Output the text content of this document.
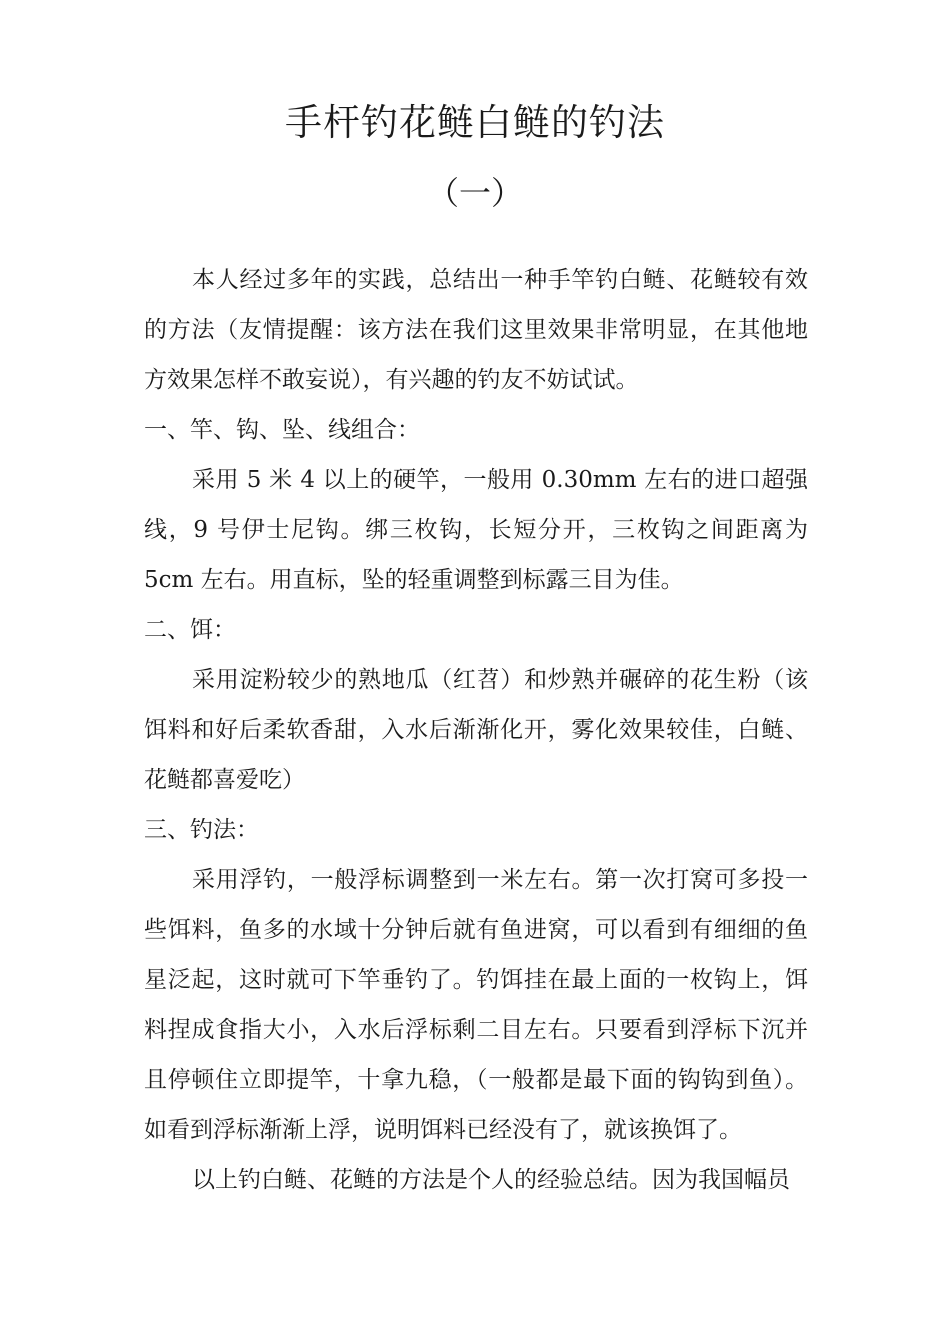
手杆钓花鲢白鲢的钓法
（一）

本人经过多年的实践，总结出一种手竿钓白鲢、花鲢较有效的方法（友情提醒：该方法在我们这里效果非常明显，在其他地方效果怎样不敢妄说），有兴趣的钓友不妨试试。

一、竿、钩、坠、线组合：

采用 5 米 4 以上的硬竿，一般用 0.30mm 左右的进口超强线，9 号伊士尼钩。绑三枚钩，长短分开，三枚钩之间距离为 5cm 左右。用直标，坠的轻重调整到标露三目为佳。

二、饵：

采用淀粉较少的熟地瓜（红苕）和炒熟并碾碎的花生粉（该饵料和好后柔软香甜，入水后渐渐化开，雾化效果较佳，白鲢、花鲢都喜爱吃）

三、钓法：

采用浮钓，一般浮标调整到一米左右。第一次打窝可多投一些饵料，鱼多的水域十分钟后就有鱼进窝，可以看到有细细的鱼星泛起，这时就可下竿垂钓了。钓饵挂在最上面的一枚钩上，饵料捏成食指大小，入水后浮标剩二目左右。只要看到浮标下沉并且停顿住立即提竿，十拿九稳，（一般都是最下面的钩钩到鱼）。如看到浮标渐渐上浮，说明饵料已经没有了，就该换饵了。

以上钓白鲢、花鲢的方法是个人的经验总结。因为我国幅员
